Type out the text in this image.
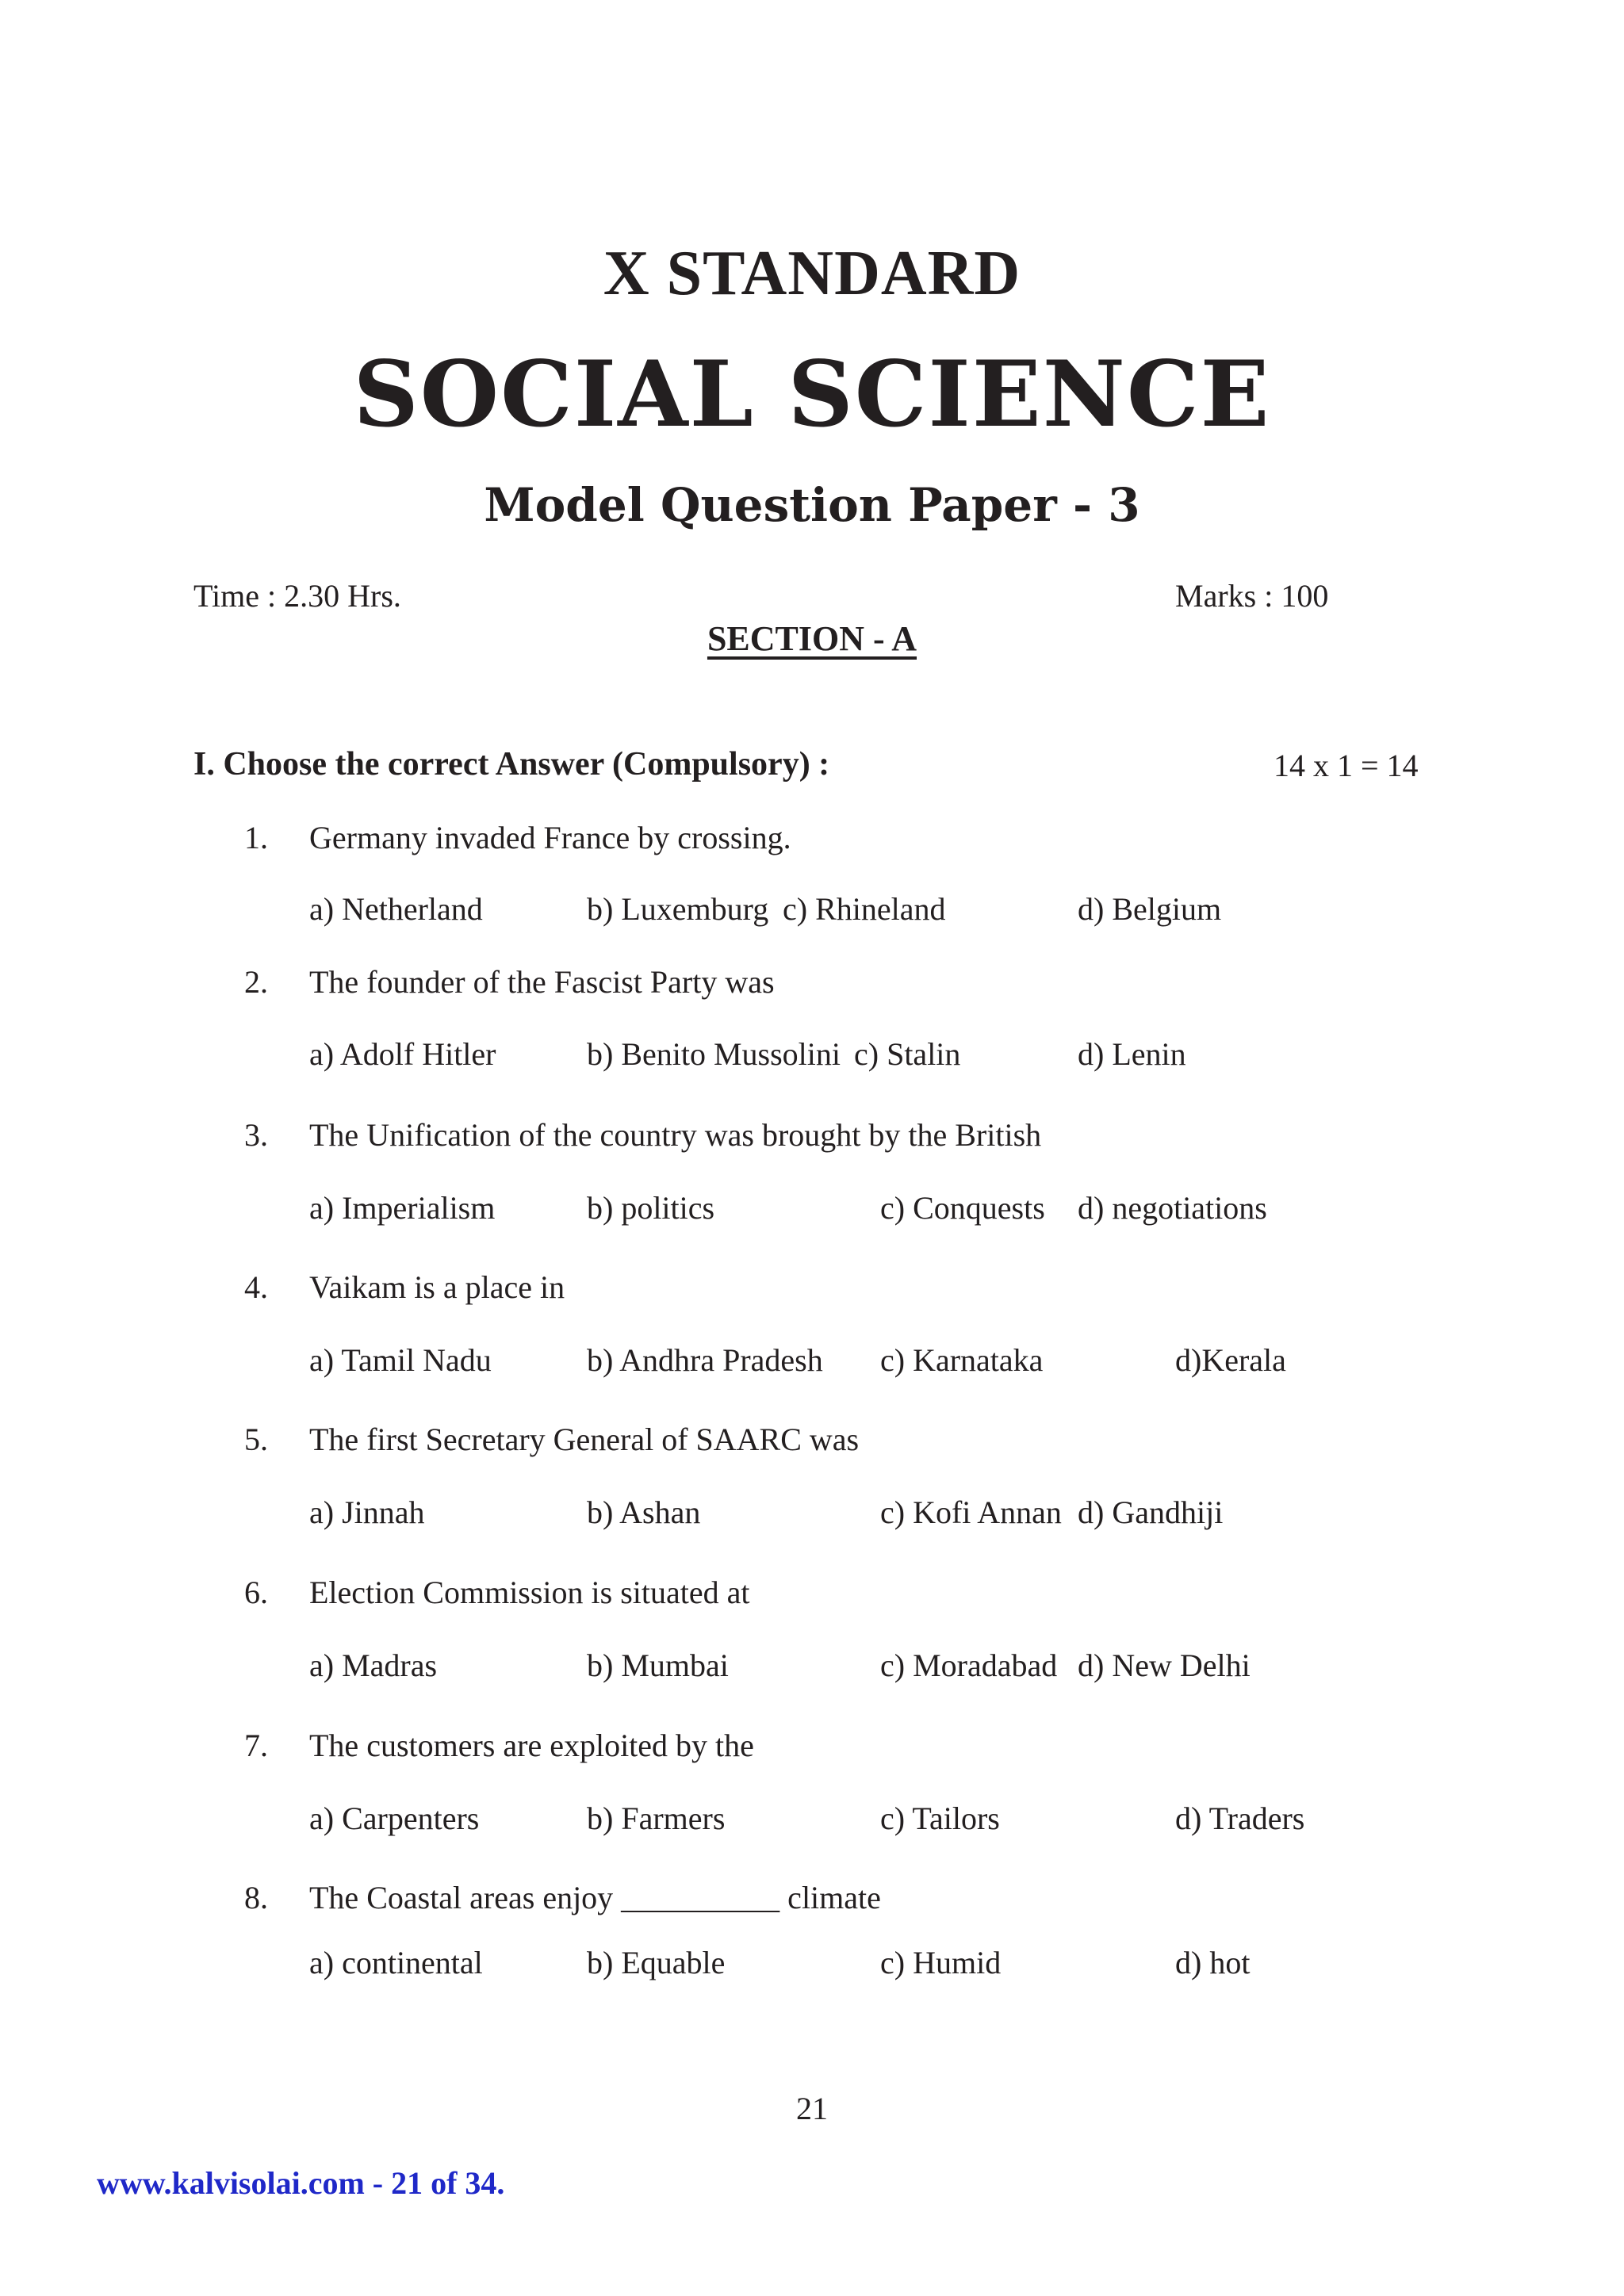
X STANDARD
SOCIAL SCIENCE
Model Question Paper - 3
Time : 2.30 Hrs.	Marks : 100
SECTION - A
I. Choose the correct Answer (Compulsory) :	14 x 1 = 14
1. Germany invaded France by crossing.
a) Netherland	b) Luxemburg c) Rhineland	d) Belgium
2. The founder of the Fascist Party was
a) Adolf Hitler	b) Benito Mussolini c) Stalin	d) Lenin
3. The Unification of the country was brought by the British
a) Imperialism	b) politics	c) Conquests d) negotiations
4. Vaikam is a place in
a) Tamil Nadu	b) Andhra Pradesh c) Karnataka	d)Kerala
5. The first Secretary General of SAARC was
a) Jinnah	b) Ashan	c) Kofi Annan d) Gandhiji
6. Election Commission is situated at
a) Madras	b) Mumbai	c) Moradabad d) New Delhi
7. The customers are exploited by the
a) Carpenters	b) Farmers	c) Tailors	d) Traders
8. The Coastal areas enjoy __________ climate
a) continental	b) Equable	c) Humid	d) hot
21
www.kalvisolai.com - 21 of 34.
